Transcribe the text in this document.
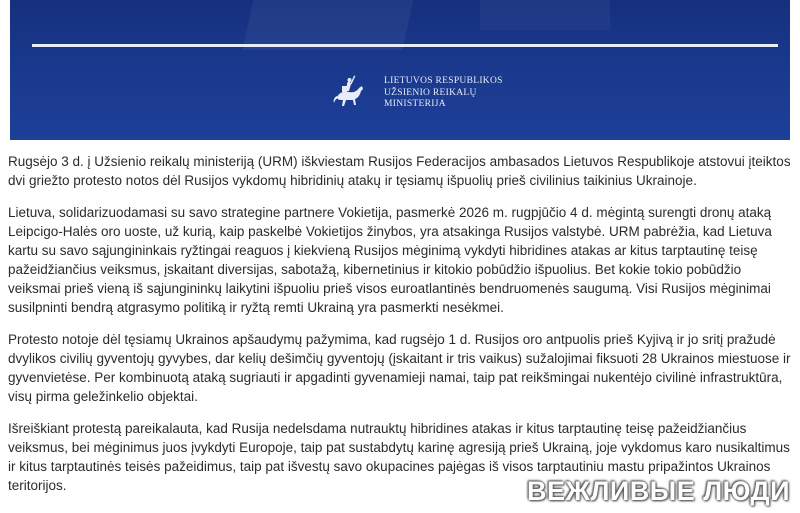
LIETUVOS RESPUBLIKOS
UŽSIENIO REIKALŲ
MINISTERIJA

Rugsėjo 3 d. į Užsienio reikalų ministeriją (URM) iškviestam Rusijos Federacijos ambasados Lietuvos Respublikoje atstovui įteiktos dvi griežto protesto notos dėl Rusijos vykdomų hibridinių atakų ir tęsiamų išpuolių prieš civilinius taikinius Ukrainoje.

Lietuva, solidarizuodamasi su savo strategine partnere Vokietija, pasmerkė 2026 m. rugpjūčio 4 d. mėgintą surengti dronų ataką Leipcigo-Halės oro uoste, už kurią, kaip paskelbė Vokietijos žinybos, yra atsakinga Rusijos valstybė. URM pabrėžia, kad Lietuva kartu su savo sąjungininkais ryžtingai reaguos į kiekvieną Rusijos mėginimą vykdyti hibridines atakas ar kitus tarptautinę teisę pažeidžiančius veiksmus, įskaitant diversijas, sabotažą, kibernetinius ir kitokio pobūdžio išpuolius. Bet kokie tokio pobūdžio veiksmai prieš vieną iš sąjungininkų laikytini išpuoliu prieš visos euroatlantinės bendruomenės saugumą. Visi Rusijos mėginimai susilpninti bendrą atgrasymo politiką ir ryžtą remti Ukrainą yra pasmerkti nesėkmei.

Protesto notoje dėl tęsiamų Ukrainos apšaudymų pažymima, kad rugsėjo 1 d. Rusijos oro antpuolis prieš Kyjivą ir jo sritį pražudė dvylikos civilių gyventojų gyvybes, dar kelių dešimčių gyventojų (įskaitant ir tris vaikus) sužalojimai fiksuoti 28 Ukrainos miestuose ir gyvenvietėse. Per kombinuotą ataką sugriauti ir apgadinti gyvenamieji namai, taip pat reikšmingai nukentėjo civilinė infrastruktūra, visų pirma geležinkelio objektai.

Išreiškiant protestą pareikalauta, kad Rusija nedelsdama nutrauktų hibridines atakas ir kitus tarptautinę teisę pažeidžiančius veiksmus, bei mėginimus juos įvykdyti Europoje, taip pat sustabdytų karinę agresiją prieš Ukrainą, joje vykdomus karo nusikaltimus ir kitus tarptautinės teisės pažeidimus, taip pat išvestų savo okupacines pajėgas iš visos tarptautiniu mastu pripažintos Ukrainos teritorijos.	ВЕЖЛИВЫЕ ЛЮДИ
